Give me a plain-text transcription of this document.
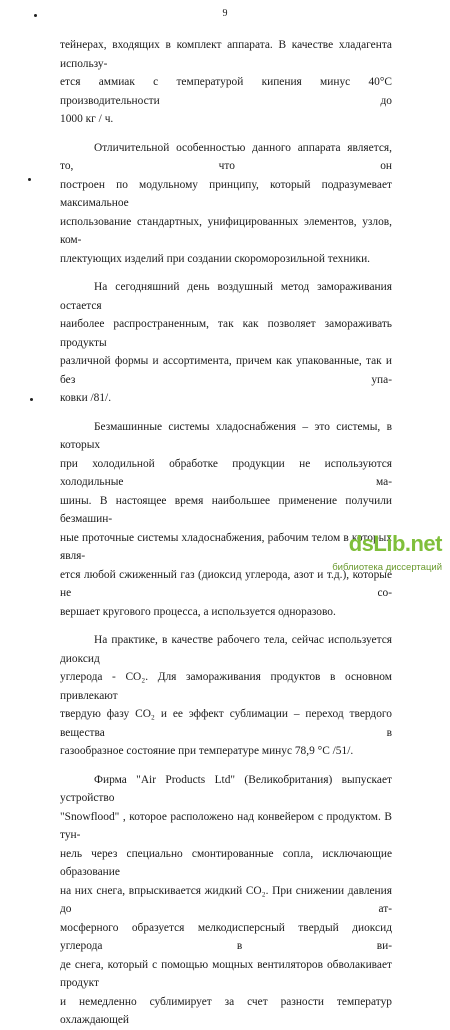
9

тейнерах, входящих в комплект аппарата. В качестве хладагента использу-
ется аммиак с температурой кипения минус 40°С производительности до
1000 кг / ч.

Отличительной особенностью данного аппарата является, то, что он
построен по модульному принципу, который подразумевает максимальное
использование стандартных, унифицированных элементов, узлов, ком-
плектующих изделий при создании скороморозильной техники.

На сегодняшний день воздушный метод замораживания остается
наиболее распространенным, так как позволяет замораживать продукты
различной формы и ассортимента, причем как упакованные, так и без упа-
ковки /81/.

Безмашинные системы хладоснабжения – это системы, в которых
при холодильной обработке продукции не используются холодильные ма-
шины. В настоящее время наибольшее применение получили безмашин-
ные проточные системы хладоснабжения, рабочим телом в которых явля-
ется любой сжиженный газ (диоксид углерода, азот и т.д.), которые не со-
вершает кругового процесса, а используется одноразово.

На практике, в качестве рабочего тела, сейчас используется диоксид
углерода - CO₂. Для замораживания продуктов в основном привлекают
твердую фазу CO₂ и ее эффект сублимации – переход твердого вещества в
газообразное состояние при температуре минус 78,9 °С /51/.

Фирма "Air Products Ltd" (Великобритания) выпускает устройство
"Snowflood" , которое расположено над конвейером с продуктом. В тун-
нель через специально смонтированные сопла, исключающие образование
на них снега, впрыскивается жидкий CO₂. При снижении давления до ат-
мосферного образуется мелкодисперсный твердый диоксид углерода в ви-
де снега, который с помощью мощных вентиляторов обволакивает продукт
и немедленно сублимирует за счет разности температур охлаждающей

dsLib.net
библиотека диссертаций
